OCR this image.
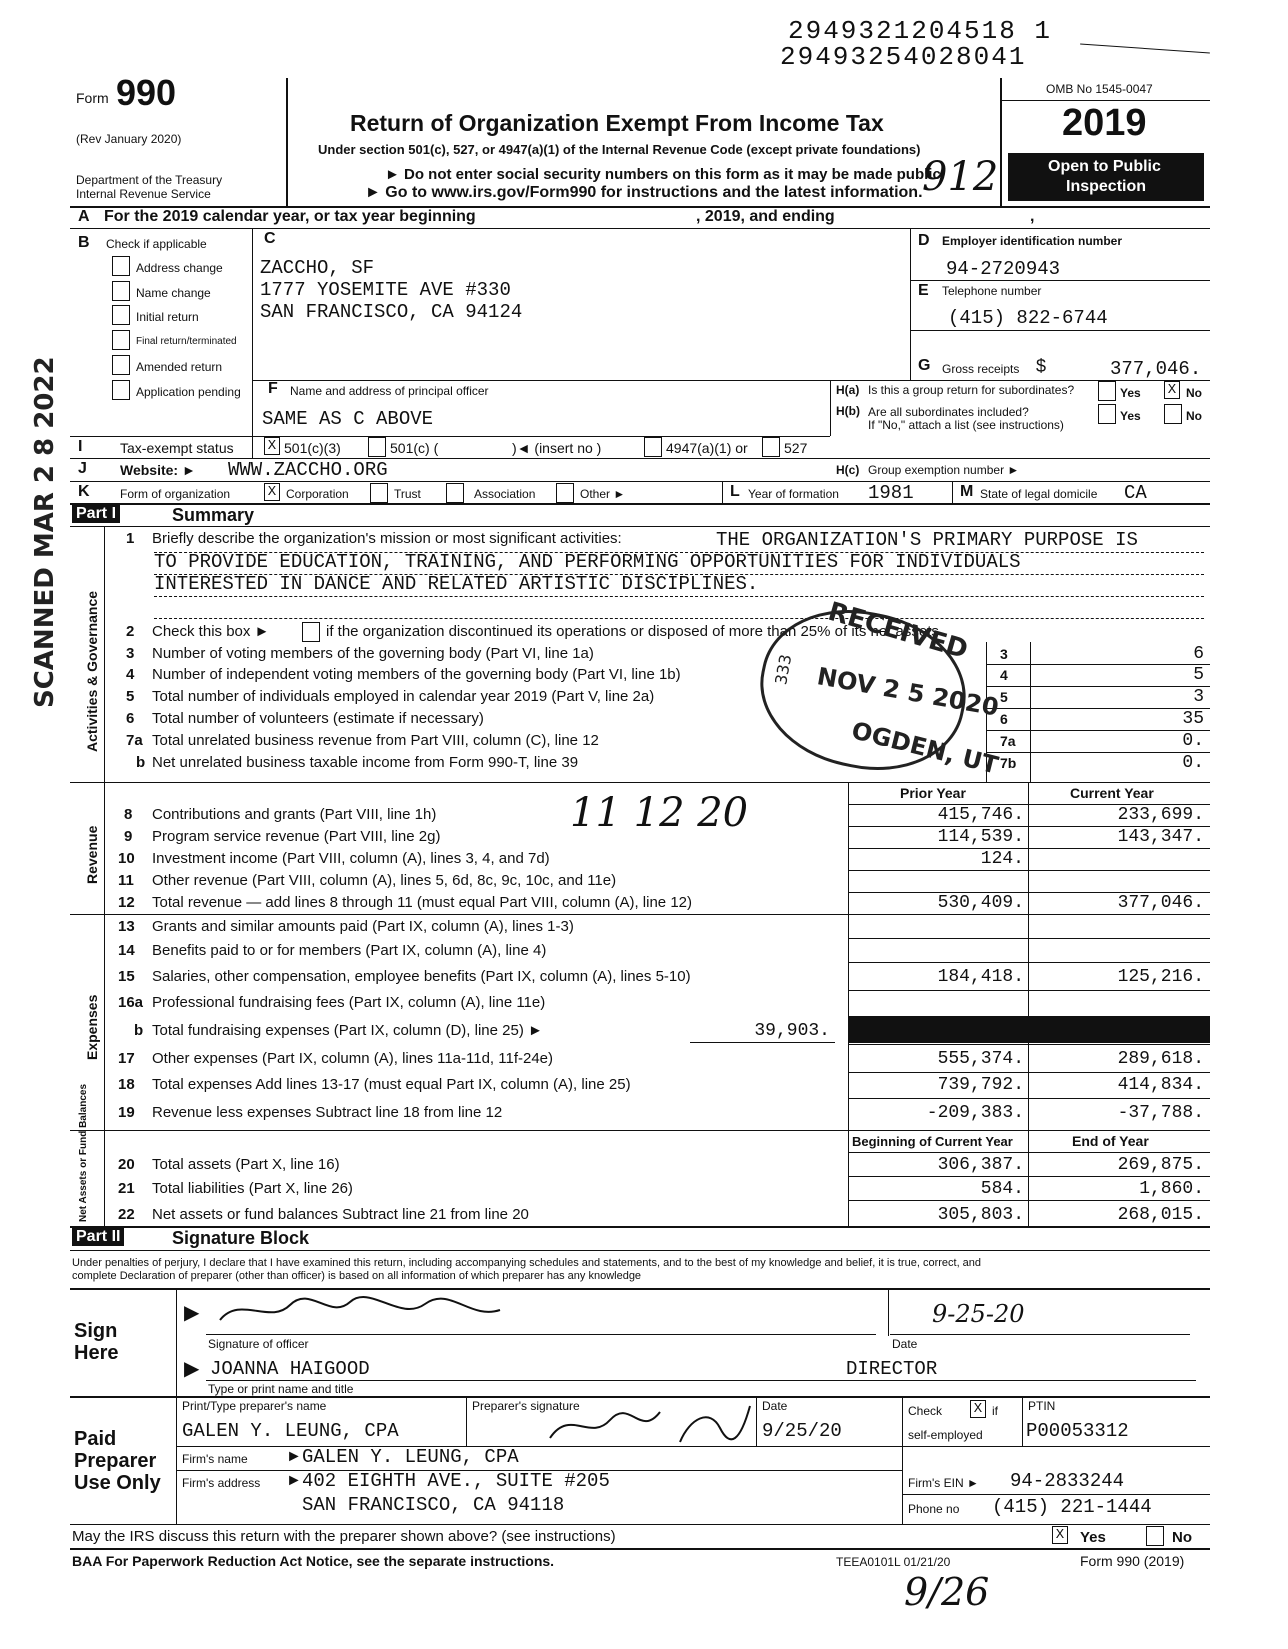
2949321204518 1
29493254028041
Form 990
(Rev January 2020)
Department of the Treasury
Internal Revenue Service
Return of Organization Exempt From Income Tax
Under section 501(c), 527, or 4947(a)(1) of the Internal Revenue Code (except private foundations)
► Do not enter social security numbers on this form as it may be made public
► Go to www.irs.gov/Form990 for instructions and the latest information. 912
OMB No 1545-0047
2019
Open to Public
Inspection
A For the 2019 calendar year, or tax year beginning	, 2019, and ending	,
B Check if applicable
Address change
Name change
Initial return
Final return/terminated
Amended return
Application pending
C
ZACCHO, SF
1777 YOSEMITE AVE #330
SAN FRANCISCO, CA 94124
D Employer identification number
94-2720943
E Telephone number
(415) 822-6744
G Gross receipts $	377,046.
F Name and address of principal officer
SAME AS C ABOVE
H(a) Is this a group return for subordinates?	Yes X No
H(b) Are all subordinates included?
If "No," attach a list (see instructions)
Yes	No
I	Tax-exempt status X 501(c)(3)	501(c) (	)◄ (insert no )	4947(a)(1) or	527
J Website: ► WWW.ZACCHO.ORG	H(c) Group exemption number ►
K	Form of organization	X Corporation	Trust	Association	Other ►	L Year of formation 1981	M State of legal domicile CA
Part I	Summary
Activities & Governance
Revenue
Expenses
Net Assets or Fund Balances
1 Briefly describe the organization's mission or most significant activities:	THE ORGANIZATION'S PRIMARY PURPOSE IS
TO PROVIDE EDUCATION, TRAINING, AND PERFORMING OPPORTUNITIES FOR INDIVIDUALS
INTERESTED IN DANCE AND RELATED ARTISTIC DISCIPLINES.
2 Check this box ►	if the organization discontinued its operations or disposed of more than 25% of its net assets
3 Number of voting members of the governing body (Part VI, line 1a)	3	6
4 Number of independent voting members of the governing body (Part VI, line 1b)	4	5
5 Total number of individuals employed in calendar year 2019 (Part V, line 2a)	5	3
6 Total number of volunteers (estimate if necessary)	6	35
7a Total unrelated business revenue from Part VIII, column (C), line 12	7a	0.
b Net unrelated business taxable income from Form 990-T, line 39	7b	0.
Prior Year	Current Year
8 Contributions and grants (Part VIII, line 1h)	415,746.	233,699.
9 Program service revenue (Part VIII, line 2g)	114,539.	143,347.
10 Investment income (Part VIII, column (A), lines 3, 4, and 7d)	124.
11 Other revenue (Part VIII, column (A), lines 5, 6d, 8c, 9c, 10c, and 11e)
12 Total revenue — add lines 8 through 11 (must equal Part VIII, column (A), line 12)	530,409.	377,046.
13 Grants and similar amounts paid (Part IX, column (A), lines 1-3)
14 Benefits paid to or for members (Part IX, column (A), line 4)
15 Salaries, other compensation, employee benefits (Part IX, column (A), lines 5-10)	184,418.	125,216.
16a Professional fundraising fees (Part IX, column (A), line 11e)
b Total fundraising expenses (Part IX, column (D), line 25) ►	39,903.
17 Other expenses (Part IX, column (A), lines 11a-11d, 11f-24e)	555,374.	289,618.
18 Total expenses Add lines 13-17 (must equal Part IX, column (A), line 25)	739,792.	414,834.
19 Revenue less expenses Subtract line 18 from line 12	-209,383.	-37,788.
Beginning of Current Year	End of Year
20 Total assets (Part X, line 16)	306,387.	269,875.
21 Total liabilities (Part X, line 26)	584.	1,860.
22 Net assets or fund balances Subtract line 21 from line 20	305,803.	268,015.
Part II	Signature Block
Under penalties of perjury, I declare that I have examined this return, including accompanying schedules and statements, and to the best of my knowledge and belief, it is true, correct, and
complete Declaration of preparer (other than officer) is based on all information of which preparer has any knowledge
Sign
Here
▶
Signature of officer	Date
9-25-20
▶ JOANNA HAIGOOD	DIRECTOR
Type or print name and title
Paid
Preparer
Use Only
Print/Type preparer's name	Preparer's signature	Date	Check X if
self-employed
PTIN
GALEN Y. LEUNG, CPA	9/25/20	P00053312
Firm's name ► GALEN Y. LEUNG, CPA
Firm's address ► 402 EIGHTH AVE., SUITE #205
SAN FRANCISCO, CA 94118
Firm's EIN ► 94-2833244
Phone no (415) 221-1444
May the IRS discuss this return with the preparer shown above? (see instructions)	X Yes	No
BAA For Paperwork Reduction Act Notice, see the separate instructions.	TEEA0101L 01/21/20	Form 990 (2019)
SCANNED MAR 2 8 2022	RECEIVED
NOV 2 5 2020
OGDEN, UT
333
11 12 20
9/26
